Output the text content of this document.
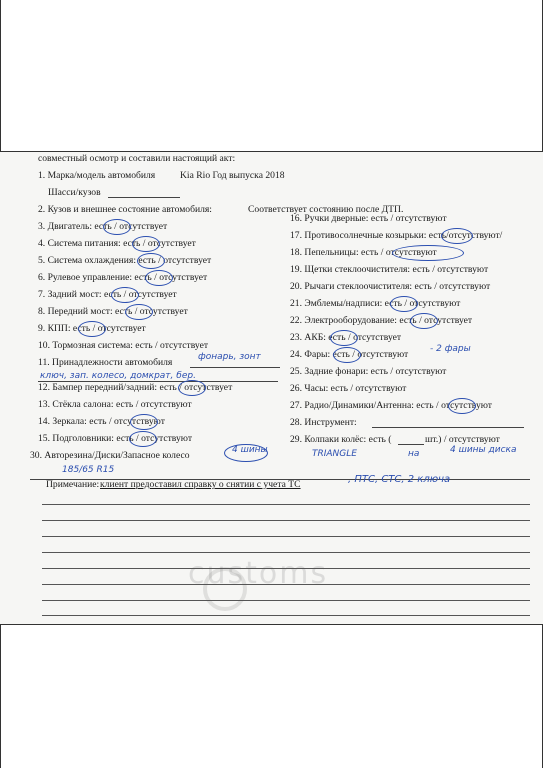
сustoms
совместный осмотр и составили настоящий акт:
1. Марка/модель автомобиля	Kia Rio Год выпуска 2018
Шасси/кузов
2. Кузов и внешнее состояние автомобиля:	Соответствует состоянию после ДТП.
3. Двигатель: есть / отсутствует
4. Система питания: есть / отсутствует
5. Система охлаждения: есть / отсутствует
6. Рулевое управление: есть / отсутствует
7. Задний мост: есть / отсутствует
8. Передний мост: есть / отсутствует
9. КПП: есть / отсутствует
10. Тормозная система: есть / отсутствует
11. Принадлежности автомобиля	фонарь, зонт
ключ, зап. колесо, домкрат, бер.
12. Бампер передний/задний: есть / отсутствует
13. Стёкла салона: есть / отсутствуют
14. Зеркала: есть / отсутствуют
15. Подголовники: есть / отсутствуют
30. Авторезина/Диски/Запасное колесо	4 шины
185/65 R15
16. Ручки дверные: есть / отсутствуют
17. Противосолнечные козырьки: есть/отсутствуют/
18. Пепельницы: есть / отсутствуют
19. Щетки стеклоочистителя: есть / отсутствуют
20. Рычаги стеклоочистителя: есть / отсутствуют
21. Эмблемы/надписи: есть / отсутствуют
22. Электрооборудование: есть / отсутствует
23. АКБ: есть / отсутствует
24. Фары: есть / отсутствуют - 2 фары
25. Задние фонари: есть / отсутствуют
26. Часы: есть / отсутствуют
27. Радио/Динамики/Антенна: есть / отсутствуют
28. Инструмент:
29. Колпаки колёс: есть (	шт.) / отсутствуют
TRIANGLE	на	4 шины диска
Примечание: клиент предоставил справку о снятии с учета ТС	, ПТС, СТС, 2 ключа
